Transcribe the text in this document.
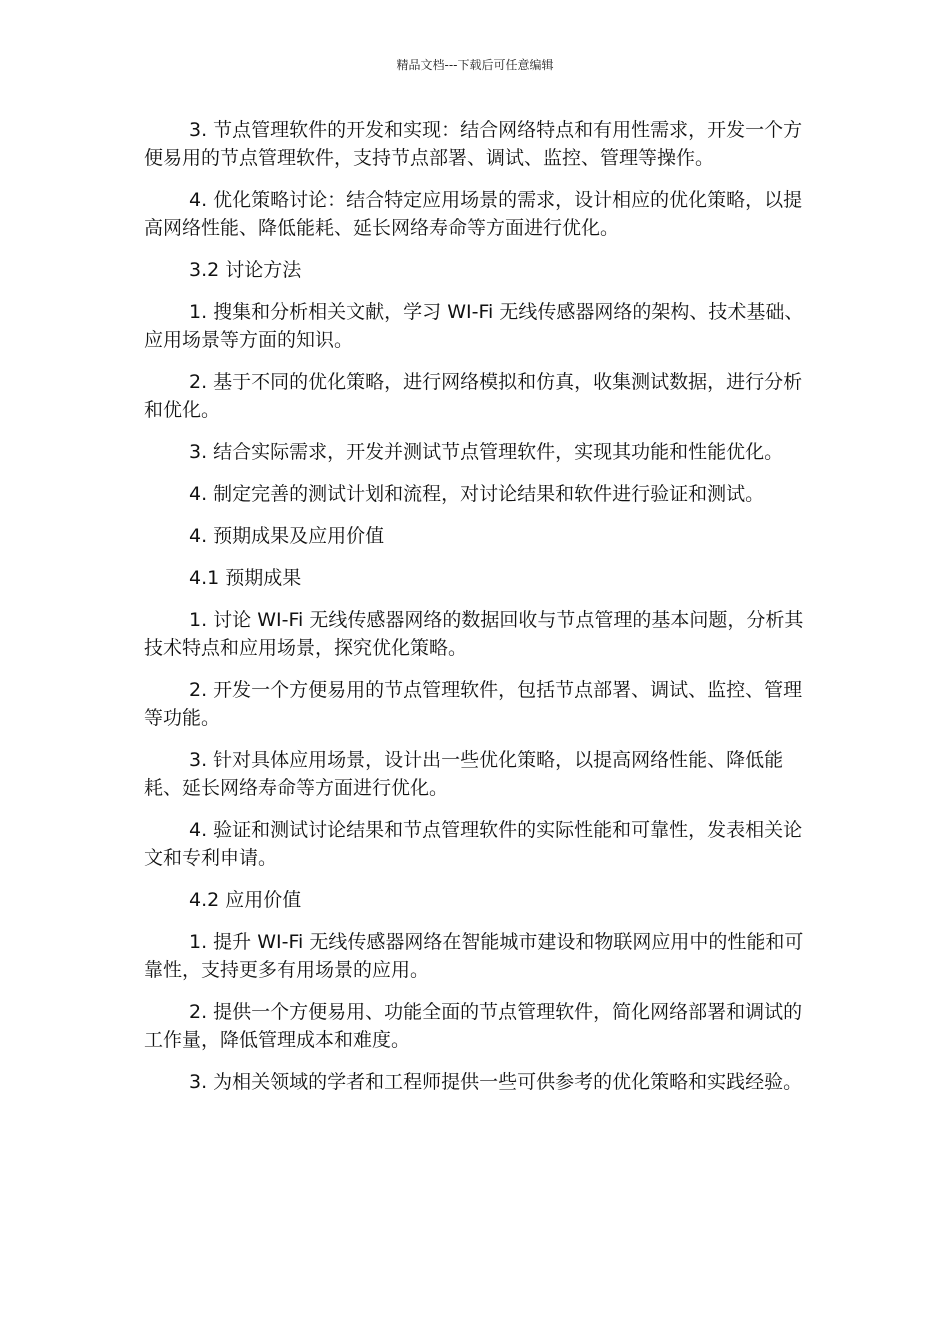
精品文档---下载后可任意编辑

3. 节点管理软件的开发和实现：结合网络特点和有用性需求，开发一个方便易用的节点管理软件，支持节点部署、调试、监控、管理等操作。

4. 优化策略讨论：结合特定应用场景的需求，设计相应的优化策略，以提高网络性能、降低能耗、延长网络寿命等方面进行优化。

3.2 讨论方法

1. 搜集和分析相关文献，学习 WI-Fi 无线传感器网络的架构、技术基础、应用场景等方面的知识。

2. 基于不同的优化策略，进行网络模拟和仿真，收集测试数据，进行分析和优化。

3. 结合实际需求，开发并测试节点管理软件，实现其功能和性能优化。

4. 制定完善的测试计划和流程，对讨论结果和软件进行验证和测试。

4. 预期成果及应用价值

4.1 预期成果

1. 讨论 WI-Fi 无线传感器网络的数据回收与节点管理的基本问题，分析其技术特点和应用场景，探究优化策略。

2. 开发一个方便易用的节点管理软件，包括节点部署、调试、监控、管理等功能。

3. 针对具体应用场景，设计出一些优化策略，以提高网络性能、降低能耗、延长网络寿命等方面进行优化。

4. 验证和测试讨论结果和节点管理软件的实际性能和可靠性，发表相关论文和专利申请。

4.2 应用价值

1. 提升 WI-Fi 无线传感器网络在智能城市建设和物联网应用中的性能和可靠性，支持更多有用场景的应用。

2. 提供一个方便易用、功能全面的节点管理软件，简化网络部署和调试的工作量，降低管理成本和难度。

3. 为相关领域的学者和工程师提供一些可供参考的优化策略和实践经验。
